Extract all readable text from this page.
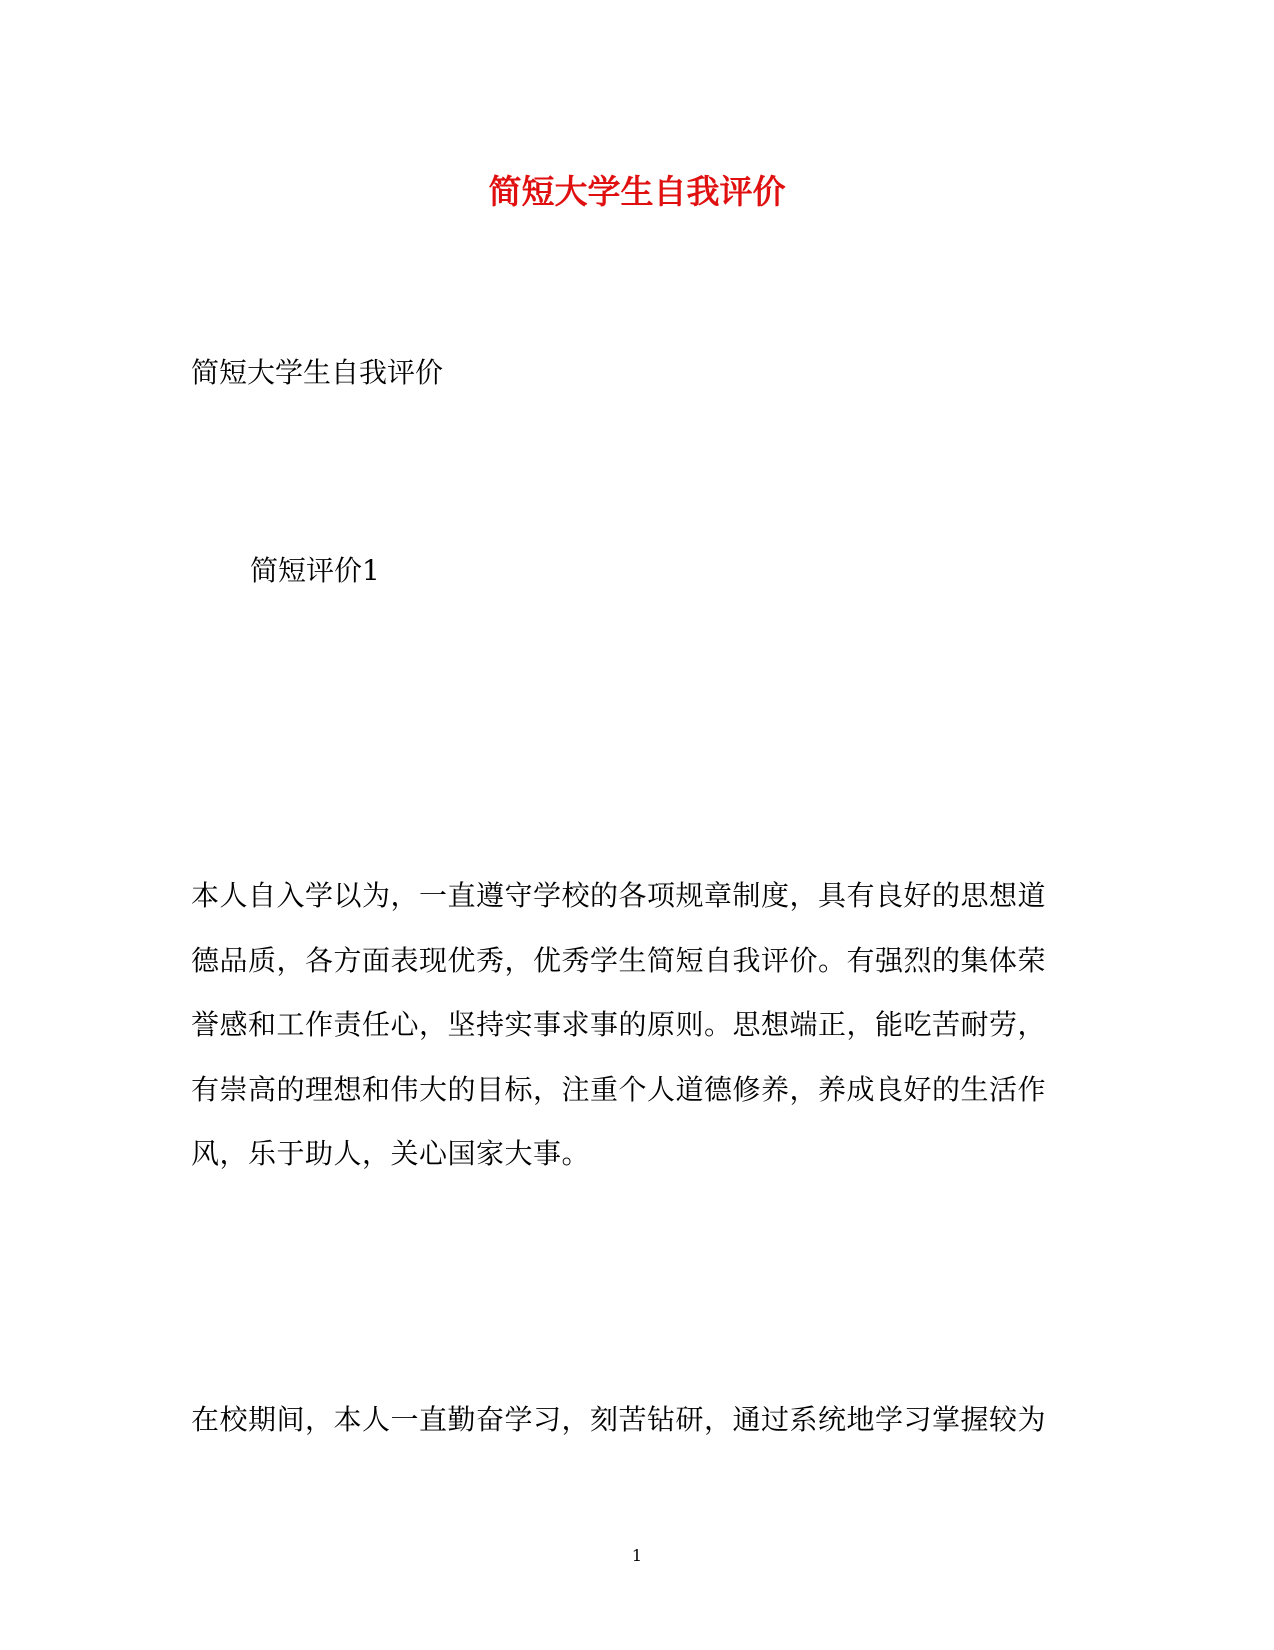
简短大学生自我评价
简短大学生自我评价
简短评价1
本人自入学以为，一直遵守学校的各项规章制度，具有良好的思想道
德品质，各方面表现优秀，优秀学生简短自我评价。有强烈的集体荣
誉感和工作责任心，坚持实事求事的原则。思想端正，能吃苦耐劳，
有崇高的理想和伟大的目标，注重个人道德修养，养成良好的生活作
风，乐于助人，关心国家大事。
在校期间，本人一直勤奋学习，刻苦钻研，通过系统地学习掌握较为
1
